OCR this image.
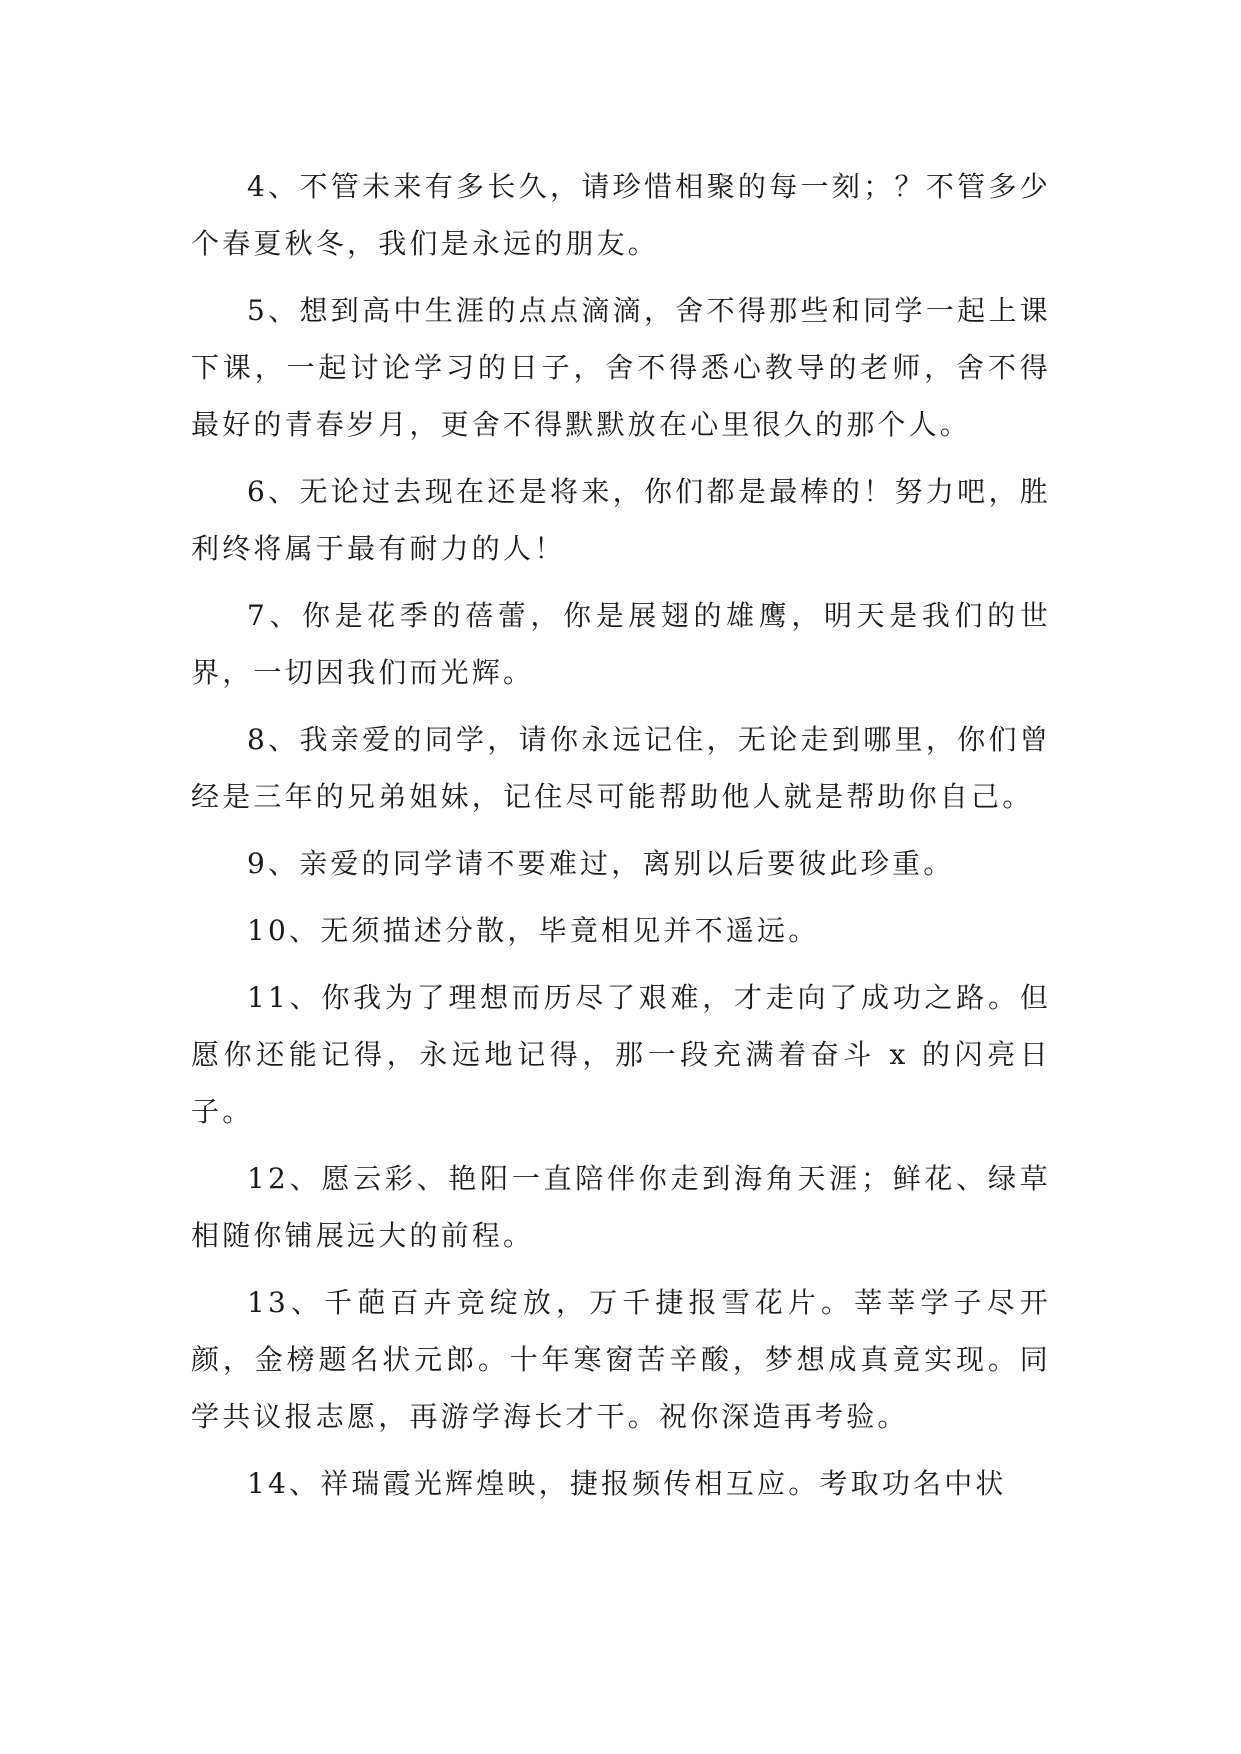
4、不管未来有多长久，请珍惜相聚的每一刻；？不管多少个春夏秋冬，我们是永远的朋友。

5、想到高中生涯的点点滴滴，舍不得那些和同学一起上课下课，一起讨论学习的日子，舍不得悉心教导的老师，舍不得最好的青春岁月，更舍不得默默放在心里很久的那个人。

6、无论过去现在还是将来，你们都是最棒的！努力吧，胜利终将属于最有耐力的人！

7、你是花季的蓓蕾，你是展翅的雄鹰，明天是我们的世界，一切因我们而光辉。

8、我亲爱的同学，请你永远记住，无论走到哪里，你们曾经是三年的兄弟姐妹，记住尽可能帮助他人就是帮助你自己。

9、亲爱的同学请不要难过，离别以后要彼此珍重。

10、无须描述分散，毕竟相见并不遥远。

11、你我为了理想而历尽了艰难，才走向了成功之路。但愿你还能记得，永远地记得，那一段充满着奋斗 x 的闪亮日子。

12、愿云彩、艳阳一直陪伴你走到海角天涯；鲜花、绿草相随你铺展远大的前程。

13、千葩百卉竞绽放，万千捷报雪花片。莘莘学子尽开颜，金榜题名状元郎。十年寒窗苦辛酸，梦想成真竟实现。同学共议报志愿，再游学海长才干。祝你深造再考验。

14、祥瑞霞光辉煌映，捷报频传相互应。考取功名中状
